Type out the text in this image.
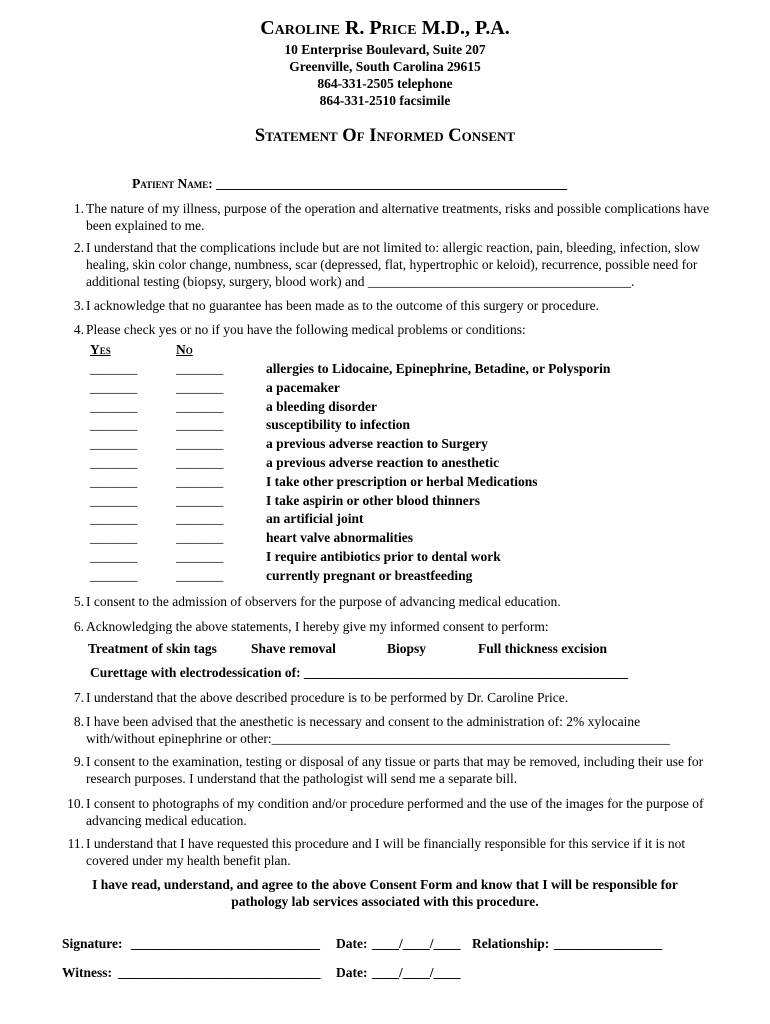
Caroline R. Price M.D., P.A.
10 Enterprise Boulevard, Suite 207
Greenville, South Carolina 29615
864-331-2505 telephone
864-331-2510 facsimile
Statement Of Informed Consent
Patient Name: ____________________________________________________
1. The nature of my illness, purpose of the operation and alternative treatments, risks and possible complications have been explained to me.
2. I understand that the complications include but are not limited to: allergic reaction, pain, bleeding, infection, slow healing, skin color change, numbness, scar (depressed, flat, hypertrophic or keloid), recurrence, possible need for additional testing (biopsy, surgery, blood work) and _______________________________________.
3. I acknowledge that no guarantee has been made as to the outcome of this surgery or procedure.
4. Please check yes or no if you have the following medical problems or conditions:
Yes	No
_______	_______	allergies to Lidocaine, Epinephrine, Betadine, or Polysporin
_______	_______	a pacemaker
_______	_______	a bleeding disorder
_______	_______	susceptibility to infection
_______	_______	a previous adverse reaction to Surgery
_______	_______	a previous adverse reaction to anesthetic
_______	_______	I take other prescription or herbal Medications
_______	_______	I take aspirin or other blood thinners
_______	_______	an artificial joint
_______	_______	heart valve abnormalities
_______	_______	I require antibiotics prior to dental work
_______	_______	currently pregnant or breastfeeding
5. I consent to the admission of observers for the purpose of advancing medical education.
6. Acknowledging the above statements, I hereby give my informed consent to perform:
Treatment of skin tags	Shave removal	Biopsy	Full thickness excision
Curettage with electrodessication of: ________________________________________________
7. I understand that the above described procedure is to be performed by Dr. Caroline Price.
8. I have been advised that the anesthetic is necessary and consent to the administration of: 2% xylocaine with/without epinephrine or other:___________________________________________________________
9. I consent to the examination, testing or disposal of any tissue or parts that may be removed, including their use for research purposes. I understand that the pathologist will send me a separate bill.
10. I consent to photographs of my condition and/or procedure performed and the use of the images for the purpose of advancing medical education.
11. I understand that I have requested this procedure and I will be financially responsible for this service if it is not covered under my health benefit plan.
I have read, understand, and agree to the above Consent Form and know that I will be responsible for pathology lab services associated with this procedure.
Signature: ____________________________ Date: ____/____/____ Relationship: ________________
Witness: ______________________________ Date: ____/____/____
